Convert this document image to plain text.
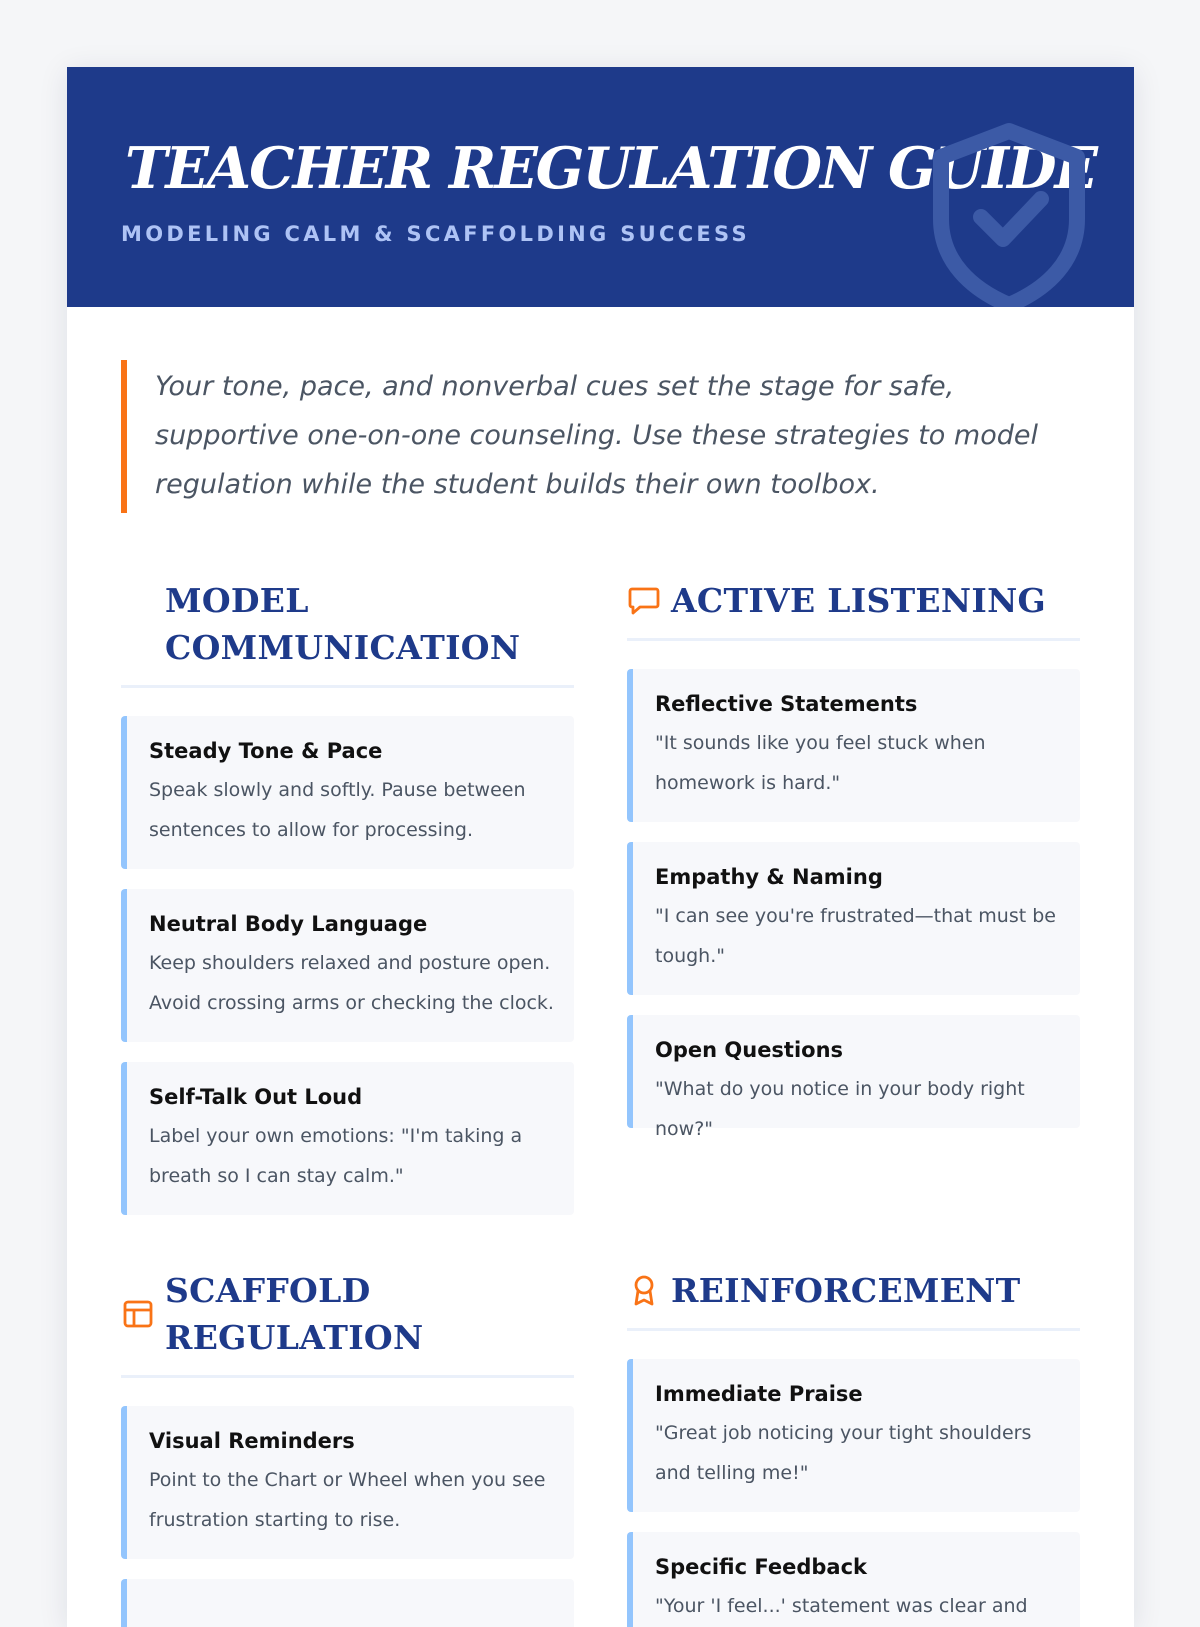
TEACHER REGULATION GUIDE

MODELING CALM & SCAFFOLDING SUCCESS

Your tone, pace, and nonverbal cues set the stage for safe, supportive one-on-one counseling. Use these strategies to model regulation while the student builds their own toolbox.

MODEL COMMUNICATION
Steady Tone & Pace

Speak slowly and softly. Pause between sentences to allow for processing.

Neutral Body Language

Keep shoulders relaxed and posture open. Avoid crossing arms or checking the clock.

Self-Talk Out Loud

Label your own emotions: "I'm taking a breath so I can stay calm."

ACTIVE LISTENING
Reflective Statements

"It sounds like you feel stuck when homework is hard."

Empathy & Naming

"I can see you're frustrated—that must be tough."

Open Questions

"What do you notice in your body right now?"

SCAFFOLD REGULATION
Visual Reminders

Point to the Chart or Wheel when you see frustration starting to rise.

REINFORCEMENT
Immediate Praise

"Great job noticing your tight shoulders and telling me!"

Specific Feedback

"Your 'I feel...' statement was clear and
